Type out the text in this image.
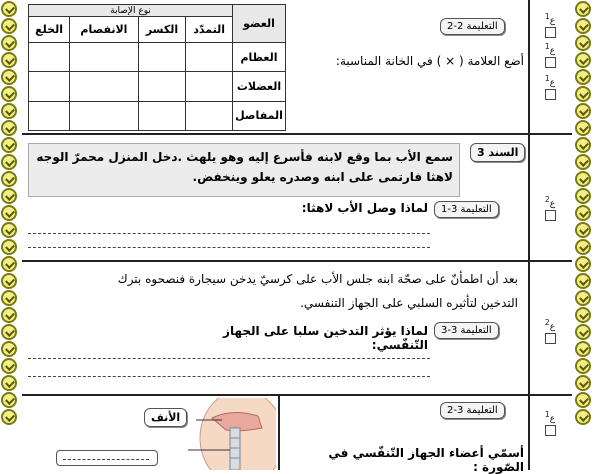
ع$^1$
ع$^1$
ع$^1$
التعليمة 2-2
أضع العلامة ( × ) في الخانة المناسبة:
العضو	نوع الإصابة			
	التمدّد	الكسر	الانفصام	الخلع
العظام				
العضلات				
المفاصل				
ع$^2$
سمع الأب بما وقع لابنه فأسرع إليه وهو يلهث .دخل المنزل محمرّ الوجه
لاهثا فارتمى على ابنه وصدره يعلو وينخفض.
السند 3
التعليمة 3-1
لماذا وصل الأب لاهثا:
ع$^2$
بعد أن اطمأنّ على صحّة ابنه جلس الأب على كرسيّ يدخن سيجارة فنصحوه بترك
التدخين لتأثيره السلبي على الجهاز التنفسي.
التعليمة 3-3
لماذا يؤثر التدخين سلبا على الجهاز التّنفّسي:
ع$^1$
التعليمة 3-2
أسمّي أعضاء الجهاز التّنفّسي في الصّورة :
الأنف
